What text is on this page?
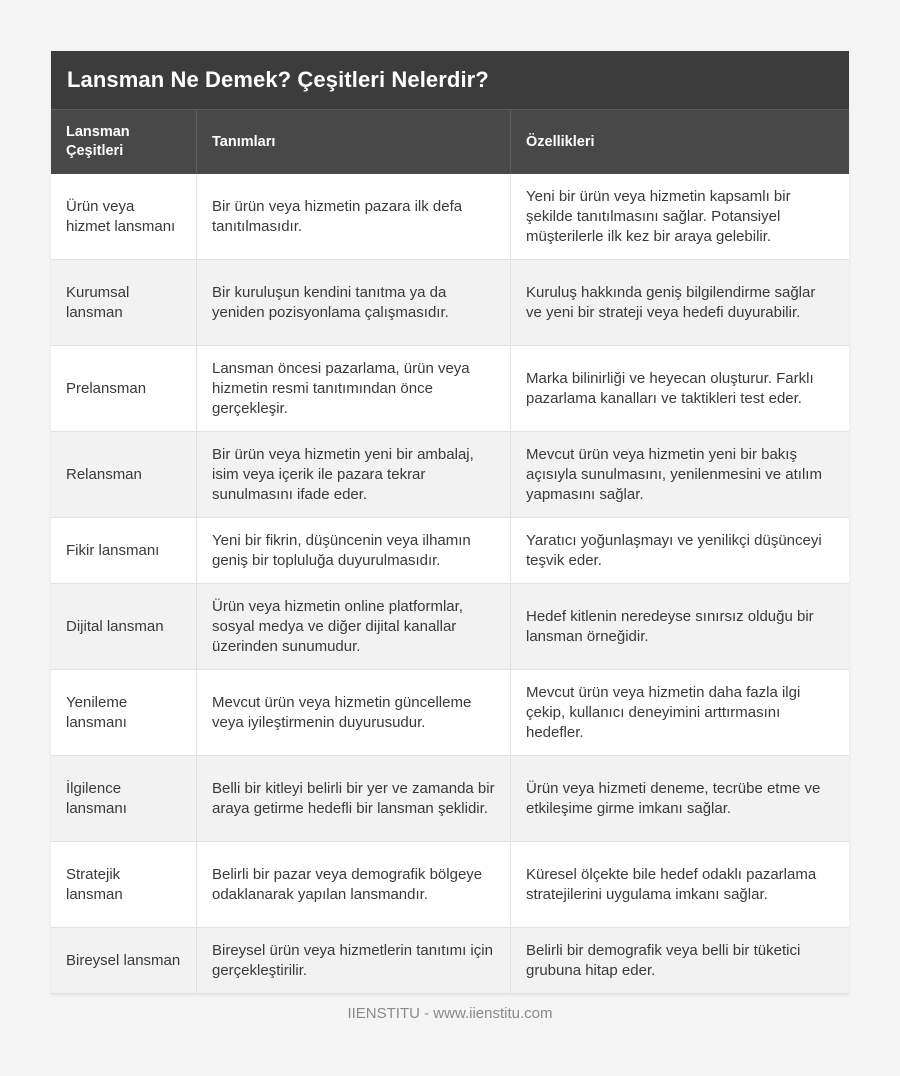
Lansman Ne Demek? Çeşitleri Nelerdir?
Lansman Çeşitleri
Tanımları	Özellikleri
Ürün veya hizmet lansmanı
Bir ürün veya hizmetin pazara ilk defa tanıtılmasıdır.
Yeni bir ürün veya hizmetin kapsamlı bir şekilde tanıtılmasını sağlar. Potansiyel müşterilerle ilk kez bir araya gelebilir.
Kurumsal lansman
Bir kuruluşun kendini tanıtma ya da yeniden pozisyonlama çalışmasıdır.
Kuruluş hakkında geniş bilgilendirme sağlar ve yeni bir strateji veya hedefi duyurabilir.
Prelansman
Lansman öncesi pazarlama, ürün veya hizmetin resmi tanıtımından önce gerçekleşir.
Marka bilinirliği ve heyecan oluşturur. Farklı pazarlama kanalları ve taktikleri test eder.
Relansman
Bir ürün veya hizmetin yeni bir ambalaj, isim veya içerik ile pazara tekrar sunulmasını ifade eder.
Mevcut ürün veya hizmetin yeni bir bakış açısıyla sunulmasını, yenilenmesini ve atılım yapmasını sağlar.
Fikir lansmanı
Yeni bir fikrin, düşüncenin veya ilhamın geniş bir topluluğa duyurulmasıdır.
Yaratıcı yoğunlaşmayı ve yenilikçi düşünceyi teşvik eder.
Dijital lansman
Ürün veya hizmetin online platformlar, sosyal medya ve diğer dijital kanallar üzerinden sunumudur.
Hedef kitlenin neredeyse sınırsız olduğu bir lansman örneğidir.
Yenileme lansmanı
Mevcut ürün veya hizmetin güncelleme veya iyileştirmenin duyurusudur.
Mevcut ürün veya hizmetin daha fazla ilgi çekip, kullanıcı deneyimini arttırmasını hedefler.
İlgilence lansmanı
Belli bir kitleyi belirli bir yer ve zamanda bir araya getirme hedefli bir lansman şeklidir.
Ürün veya hizmeti deneme, tecrübe etme ve etkileşime girme imkanı sağlar.
Stratejik lansman
Belirli bir pazar veya demografik bölgeye odaklanarak yapılan lansmandır.
Küresel ölçekte bile hedef odaklı pazarlama stratejilerini uygulama imkanı sağlar.
Bireysel lansman
Bireysel ürün veya hizmetlerin tanıtımı için gerçekleştirilir.
Belirli bir demografik veya belli bir tüketici grubuna hitap eder.
IIENSTITU - www.iienstitu.com
